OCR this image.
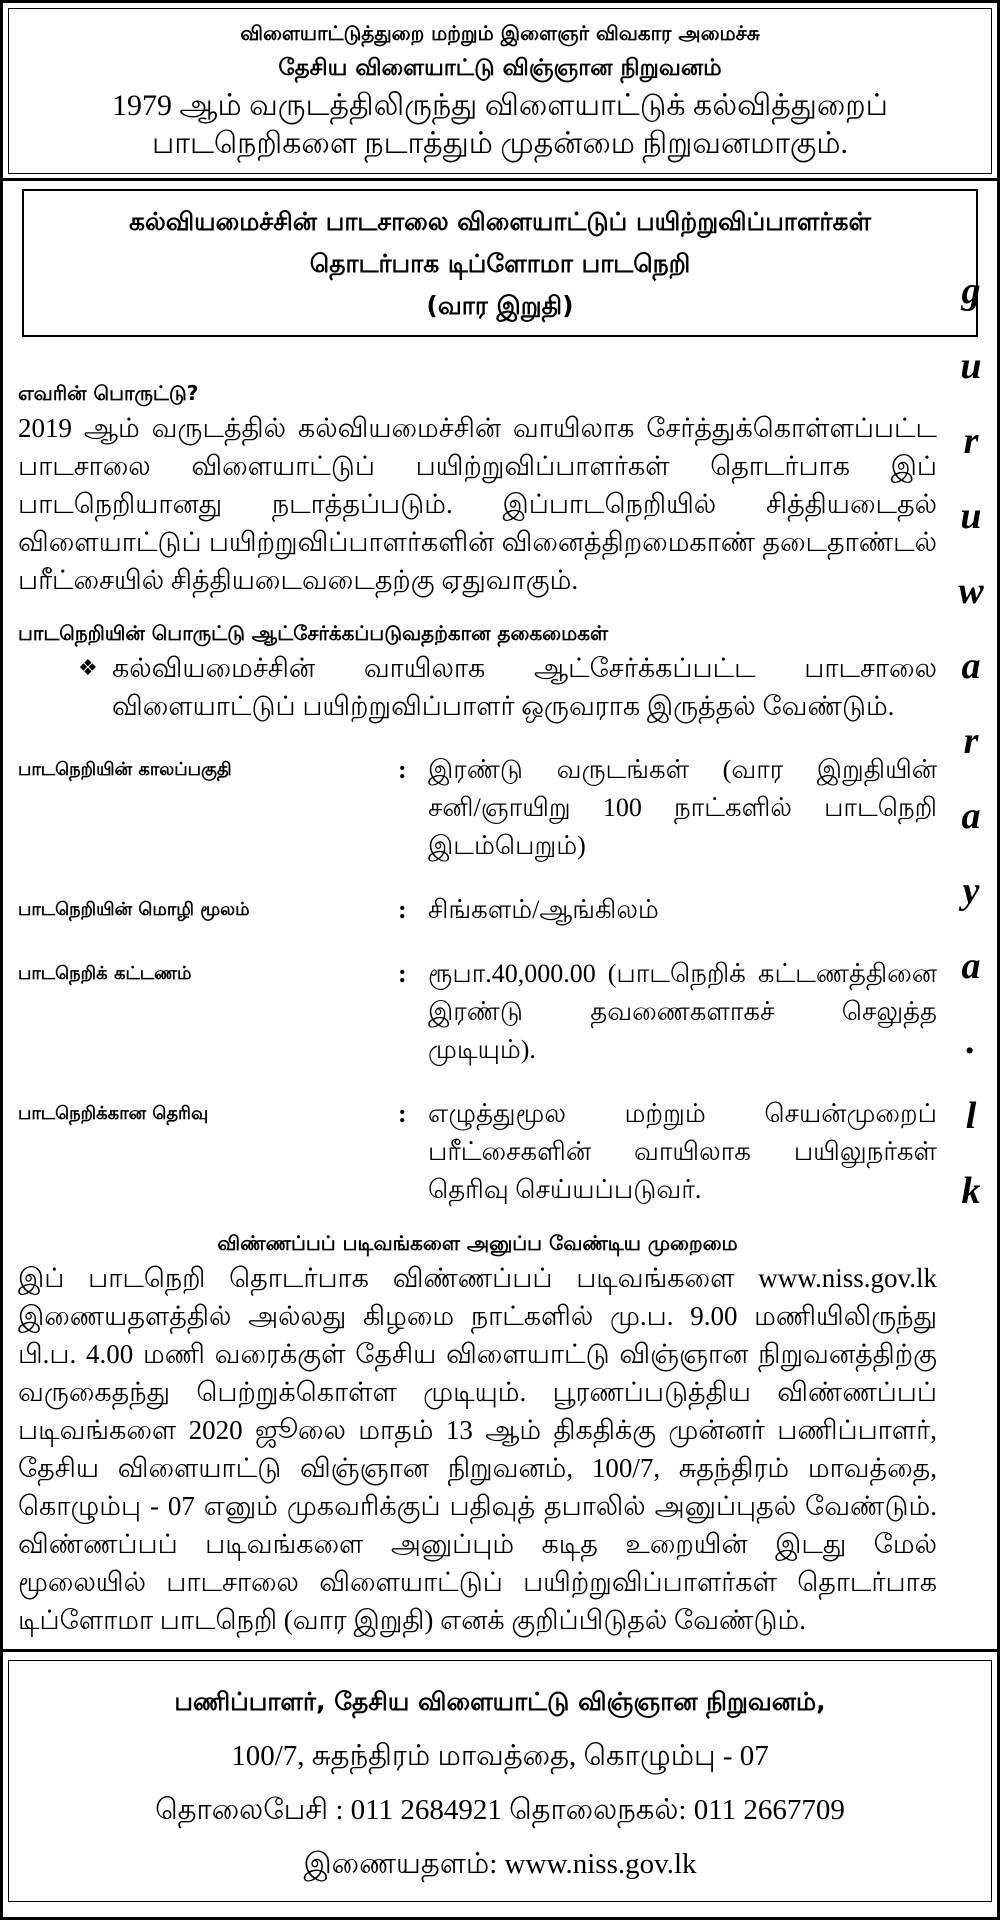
விளையாட்டுத்துறை மற்றும் இளைஞர் விவகார அமைச்சு
தேசிய விளையாட்டு விஞ்ஞான நிறுவனம்
1979 ஆம் வருடத்திலிருந்து விளையாட்டுக் கல்வித்துறைப்
பாடநெறிகளை நடாத்தும் முதன்மை நிறுவனமாகும்.
கல்வியமைச்சின் பாடசாலை விளையாட்டுப் பயிற்றுவிப்பாளர்கள்
தொடர்பாக டிப்ளோமா பாடநெறி
(வார இறுதி)
எவரின் பொருட்டு?
2019 ஆம் வருடத்தில் கல்வியமைச்சின் வாயிலாக சேர்த்துக்கொள்ளப்பட்ட
பாடசாலை விளையாட்டுப் பயிற்றுவிப்பாளர்கள் தொடர்பாக இப்
பாடநெறியானது நடாத்தப்படும். இப்பாடநெறியில் சித்தியடைதல்
விளையாட்டுப் பயிற்றுவிப்பாளர்களின் வினைத்திறமைகாண் தடைதாண்டல்
பரீட்சையில் சித்தியடைவடைதற்கு ஏதுவாகும்.
பாடநெறியின் பொருட்டு ஆட்சேர்க்கப்படுவதற்கான தகைமைகள்
❖ கல்வியமைச்சின் வாயிலாக ஆட்சேர்க்கப்பட்ட பாடசாலை
விளையாட்டுப் பயிற்றுவிப்பாளர் ஒருவராக இருத்தல் வேண்டும்.
பாடநெறியின் காலப்பகுதி	: இரண்டு வருடங்கள் (வார இறுதியின்
சனி/ஞாயிறு 100 நாட்களில் பாடநெறி
இடம்பெறும்)
பாடநெறியின் மொழி மூலம்	: சிங்களம்/ஆங்கிலம்
பாடநெறிக் கட்டணம்	: ரூபா.40,000.00 (பாடநெறிக் கட்டணத்தினை
இரண்டு தவணைகளாகச் செலுத்த
முடியும்).
பாடநெறிக்கான தெரிவு	: எழுத்துமூல மற்றும் செயன்முறைப்
பரீட்சைகளின் வாயிலாக பயிலுநர்கள்
தெரிவு செய்யப்படுவர்.
விண்ணப்பப் படிவங்களை அனுப்ப வேண்டிய முறைமை
இப் பாடநெறி தொடர்பாக விண்ணப்பப் படிவங்களை www.niss.gov.lk
இணையதளத்தில் அல்லது கிழமை நாட்களில் மு.ப. 9.00 மணியிலிருந்து
பி.ப. 4.00 மணி வரைக்குள் தேசிய விளையாட்டு விஞ்ஞான நிறுவனத்திற்கு
வருகைதந்து பெற்றுக்கொள்ள முடியும். பூரணப்படுத்திய விண்ணப்பப்
படிவங்களை 2020 ஜூலை மாதம் 13 ஆம் திகதிக்கு முன்னர் பணிப்பாளர்,
தேசிய விளையாட்டு விஞ்ஞான நிறுவனம், 100/7, சுதந்திரம் மாவத்தை,
கொழும்பு - 07 எனும் முகவரிக்குப் பதிவுத் தபாலில் அனுப்புதல் வேண்டும்.
விண்ணப்பப் படிவங்களை அனுப்பும் கடித உறையின் இடது மேல்
மூலையில் பாடசாலை விளையாட்டுப் பயிற்றுவிப்பாளர்கள் தொடர்பாக
டிப்ளோமா பாடநெறி (வார இறுதி) எனக் குறிப்பிடுதல் வேண்டும்.
பணிப்பாளர், தேசிய விளையாட்டு விஞ்ஞான நிறுவனம்,
100/7, சுதந்திரம் மாவத்தை, கொழும்பு - 07
தொலைபேசி : 011 2684921 தொலைநகல்: 011 2667709
இணையதளம்: www.niss.gov.lk
g
u
r
u
w
a
r
a
y
a
.
l
k
